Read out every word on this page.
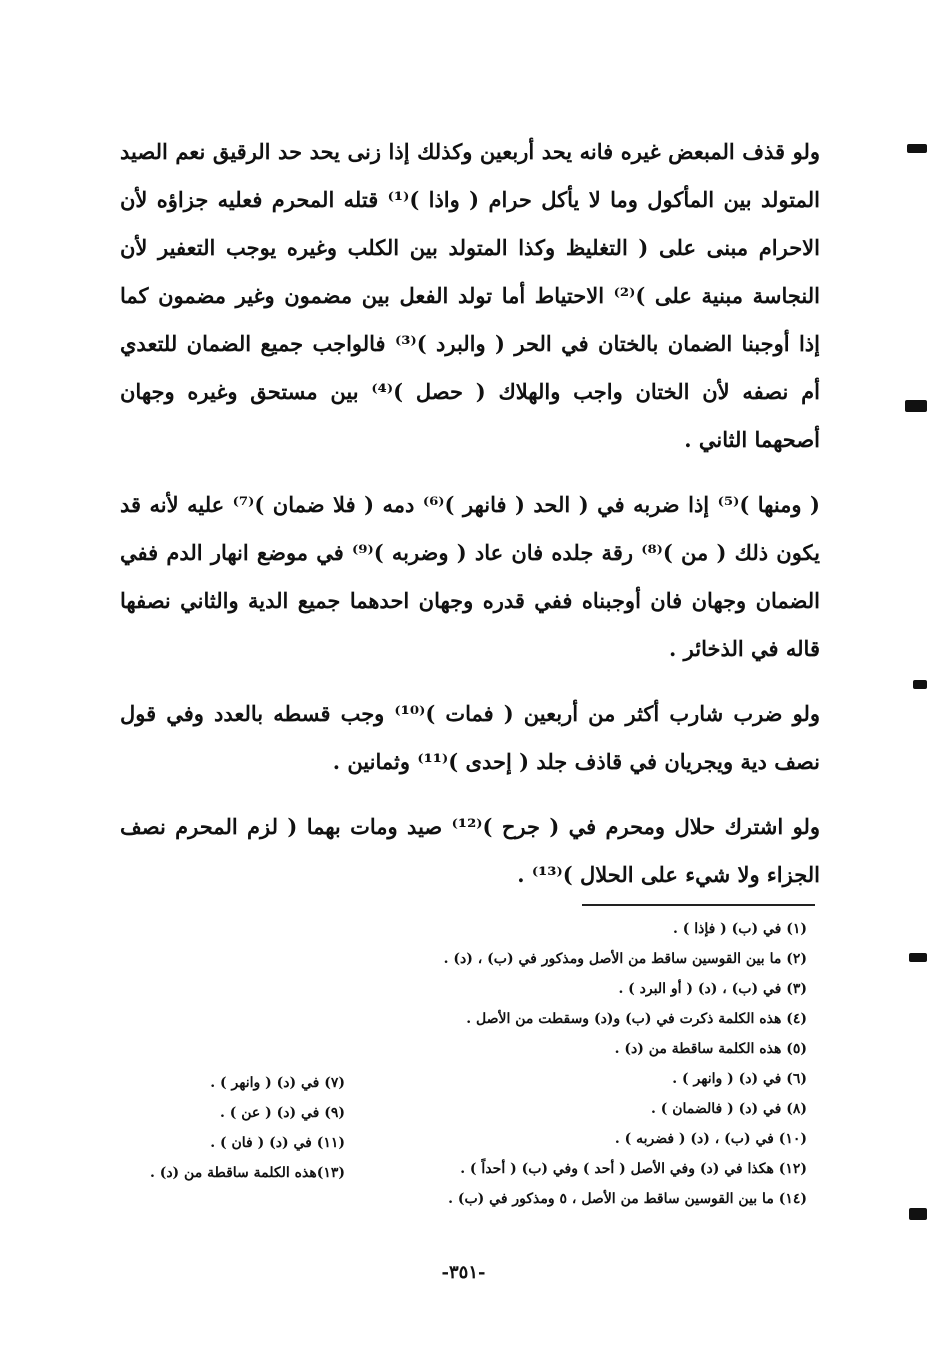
ولو قذف المبعض غيره فانه يحد أربعين وكذلك إذا زنى يحد حد الرقيق نعم الصيد المتولد بين المأكول وما لا يأكل حرام ( واذا )⁽¹⁾ قتله المحرم فعليه جزاؤه لأن الاحرام مبنى على ( التغليظ وكذا المتولد بين الكلب وغيره يوجب التعفير لأن النجاسة مبنية على )⁽²⁾ الاحتياط أما تولد الفعل بين مضمون وغير مضمون كما إذا أوجبنا الضمان بالختان في الحر ( والبرد )⁽³⁾ فالواجب جميع الضمان للتعدي أم نصفه لأن الختان واجب والهلاك ( حصل )⁽⁴⁾ بين مستحق وغيره وجهان أصحهما الثاني .

( ومنها )⁽⁵⁾ إذا ضربه في ( الحد ( فانهر )⁽⁶⁾ دمه ( فلا ضمان )⁽⁷⁾ عليه لأنه قد يكون ذلك ( من )⁽⁸⁾ رقة جلده فان عاد ( وضربه )⁽⁹⁾ في موضع انهار الدم ففي الضمان وجهان فان أوجبناه ففي قدره وجهان احدهما جميع الدية والثاني نصفها قاله في الذخائر .

ولو ضرب شارب أكثر من أربعين ( فمات )⁽¹⁰⁾ وجب قسطه بالعدد وفي قول نصف دية ويجريان في قاذف جلد ( إحدى )⁽¹¹⁾ وثمانين .

ولو اشترك حلال ومحرم في ( جرح )⁽¹²⁾ صيد ومات بهما ( لزم المحرم نصف الجزاء ولا شيء على الحلال )⁽¹³⁾ .

(١) في (ب) ( فإذا ) .
(٢) ما بين القوسين ساقط من الأصل ومذكور في (ب) ، (د) .
(٣) في (ب) ، (د) ( أو البرد ) .
(٤) هذه الكلمة ذكرت في (ب) و(د) وسقطت من الأصل .
(٥) هذه الكلمة ساقطة من (د) .
(٦) في (د) ( وانهر ) .
(٨) في (د) ( فالضمان ) .
(١٠) في (ب) ، (د) ( فضربه ) .
(١٢) هكذا في (د) وفي الأصل ( أحد ) وفي (ب) ( أحداً ) .
(١٤) ما بين القوسين ساقط من الأصل ، ٥ ومذكور في (ب) .
(٧) في (د) ( وانهر ) .
(٩) في (د) ( عن ) .
(١١) في (د) ( فان ) .
(١٣)هذه الكلمة ساقطة من (د) .
-٣٥١-
